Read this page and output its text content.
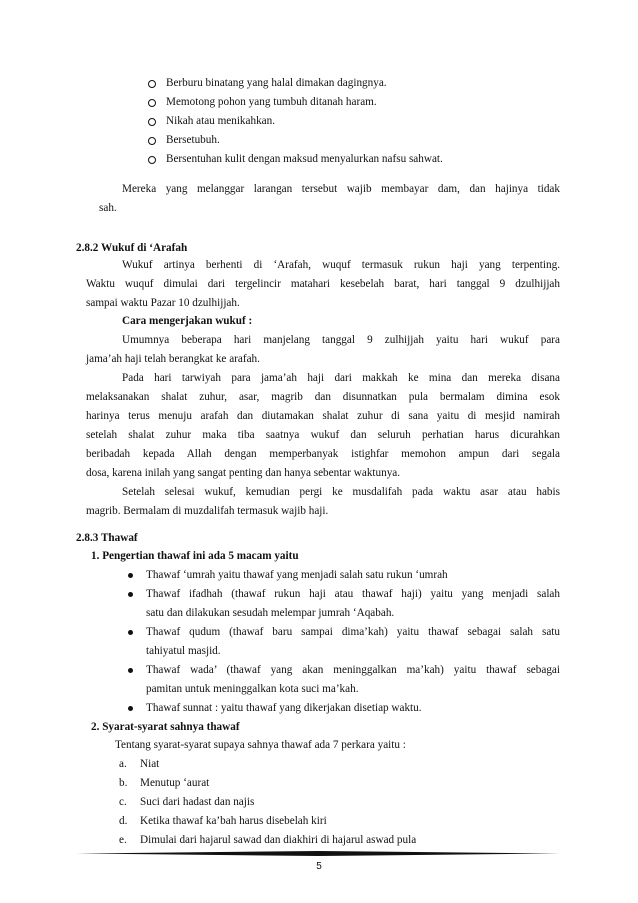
Berburu binatang yang halal dimakan dagingnya.
Memotong pohon yang tumbuh ditanah haram.
Nikah atau menikahkan.
Bersetubuh.
Bersentuhan kulit dengan maksud menyalurkan nafsu sahwat.
Mereka yang melanggar larangan tersebut wajib membayar dam, dan hajinya tidak
sah.
2.8.2 Wukuf di ‘Arafah
Wukuf artinya berhenti di ‘Arafah, wuquf termasuk rukun haji yang terpenting.
Waktu wuquf dimulai dari tergelincir matahari kesebelah barat, hari tanggal 9 dzulhijjah
sampai waktu Pazar 10 dzulhijjah.
Cara mengerjakan wukuf :
Umumnya beberapa hari manjelang tanggal 9 zulhijjah yaitu hari wukuf para
jama’ah haji telah berangkat ke arafah.
Pada hari tarwiyah para jama’ah haji dari makkah ke mina dan mereka disana
melaksanakan shalat zuhur, asar, magrib dan disunnatkan pula bermalam dimina esok
harinya terus menuju arafah dan diutamakan shalat zuhur di sana yaitu di mesjid namirah
setelah shalat zuhur maka tiba saatnya wukuf dan seluruh perhatian harus dicurahkan
beribadah kepada Allah dengan memperbanyak istighfar memohon ampun dari segala
dosa, karena inilah yang sangat penting dan hanya sebentar waktunya.
Setelah selesai wukuf, kemudian pergi ke musdalifah pada waktu asar atau habis
magrib. Bermalam di muzdalifah termasuk wajib haji.
2.8.3 Thawaf
1. Pengertian thawaf ini ada 5 macam yaitu
Thawaf ‘umrah yaitu thawaf yang menjadi salah satu rukun ‘umrah
Thawaf ifadhah (thawaf rukun haji atau thawaf haji) yaitu yang menjadi salah
satu dan dilakukan sesudah melempar jumrah ‘Aqabah.
Thawaf qudum (thawaf baru sampai dima’kah) yaitu thawaf sebagai salah satu
tahiyatul masjid.
Thawaf wada’ (thawaf yang akan meninggalkan ma’kah) yaitu thawaf sebagai
pamitan untuk meninggalkan kota suci ma’kah.
Thawaf sunnat : yaitu thawaf yang dikerjakan disetiap waktu.
2. Syarat-syarat sahnya thawaf
Tentang syarat-syarat supaya sahnya thawaf ada 7 perkara yaitu :
a. Niat
b. Menutup ‘aurat
c. Suci dari hadast dan najis
d. Ketika thawaf ka’bah harus disebelah kiri
e. Dimulai dari hajarul sawad dan diakhiri di hajarul aswad pula
5
